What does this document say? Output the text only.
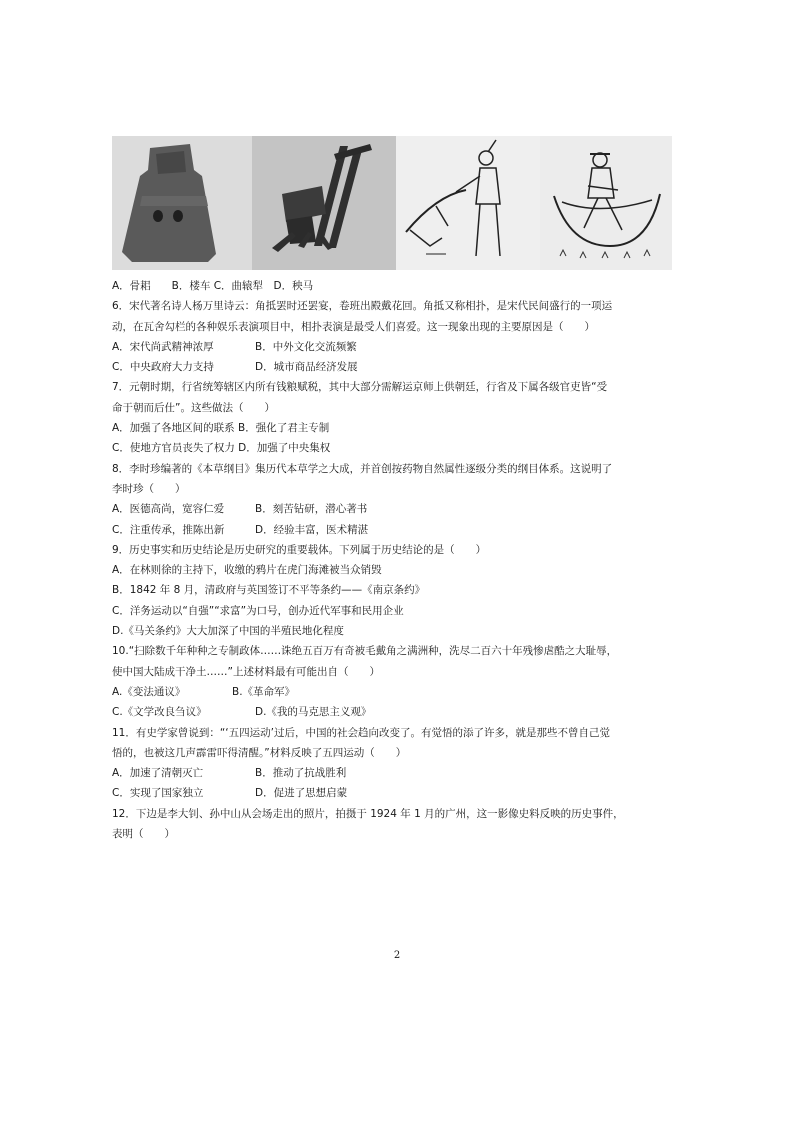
A．骨耜　　B．楼车 C．曲辕犁　D．秧马
6．宋代著名诗人杨万里诗云：角抵罢时还罢宴，卷班出殿戴花回。角抵又称相扑，是宋代民间盛行的一项运
动，在瓦舍勾栏的各种娱乐表演项目中，相扑表演是最受人们喜爱。这一现象出现的主要原因是（　　）
A．宋代尚武精神浓厚	B．中外文化交流频繁
C．中央政府大力支持	D．城市商品经济发展
7．元朝时期，行省统筹辖区内所有钱粮赋税，其中大部分需解运京师上供朝廷，行省及下属各级官吏皆“受
命于朝而后仕”。这些做法（　　）
A．加强了各地区间的联系 B．强化了君主专制
C．使地方官员丧失了权力 D．加强了中央集权
8．李时珍编著的《本草纲目》集历代本草学之大成，并首创按药物自然属性逐级分类的纲目体系。这说明了
李时珍（　　）
A．医德高尚，宽容仁爱	B．刻苦钻研，潜心著书
C．注重传承，推陈出新	D．经验丰富，医术精湛
9．历史事实和历史结论是历史研究的重要载体。下列属于历史结论的是（　　）
A．在林则徐的主持下，收缴的鸦片在虎门海滩被当众销毁
B．1842 年 8 月，清政府与英国签订不平等条约——《南京条约》
C．洋务运动以“自强”“求富”为口号，创办近代军事和民用企业
D.《马关条约》大大加深了中国的半殖民地化程度
10.“扫除数千年种种之专制政体……诛绝五百万有奇被毛戴角之满洲种，洗尽二百六十年残惨虐酷之大耻辱，
使中国大陆成干净土……”上述材料最有可能出自（　　）
A.《变法通议》	B.《革命军》
C.《文学改良刍议》	D.《我的马克思主义观》
11．有史学家曾说到：“‘五四运动’过后，中国的社会趋向改变了。有觉悟的添了许多，就是那些不曾自己觉
悟的，也被这几声霹雷吓得清醒。”材料反映了五四运动（　　）
A．加速了清朝灭亡	B．推动了抗战胜利
C．实现了国家独立	D．促进了思想启蒙
12．下边是李大钊、孙中山从会场走出的照片，拍摄于 1924 年 1 月的广州，这一影像史料反映的历史事件，
表明（　　）
2
